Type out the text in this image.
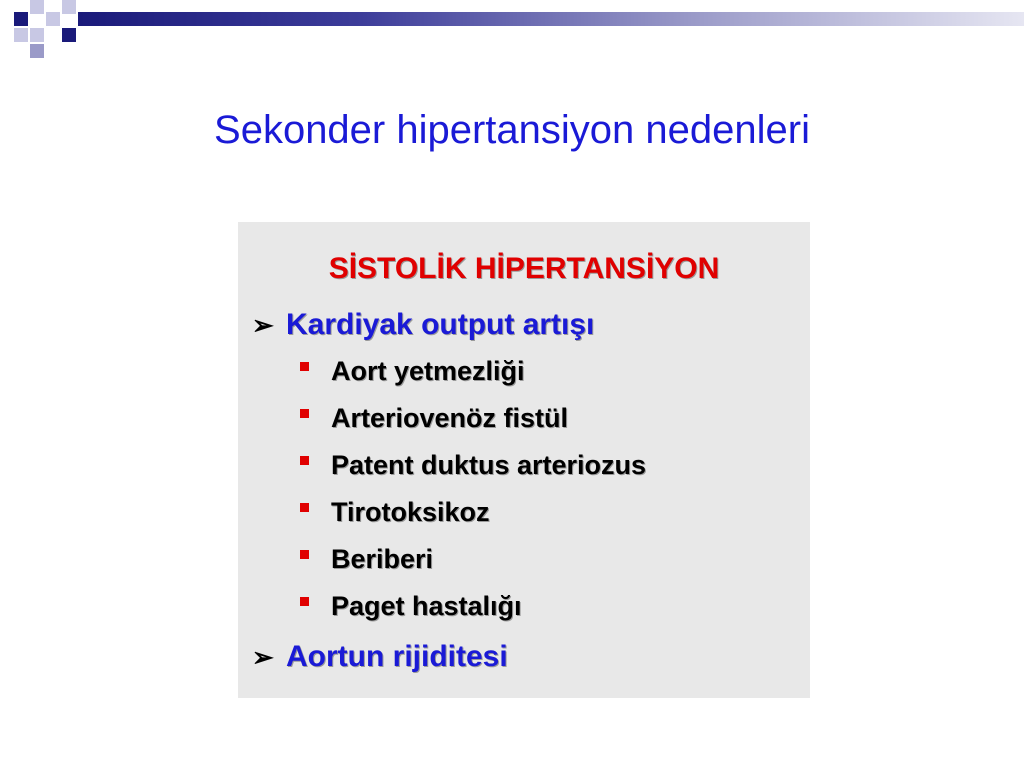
Sekonder hipertansiyon nedenleri
SİSTOLİK HİPERTANSİYON
➢ Kardiyak output artışı
Aort yetmezliği
Arteriovenöz fistül
Patent duktus arteriozus
Tirotoksikoz
Beriberi
Paget hastalığı
➢ Aortun rijiditesi
